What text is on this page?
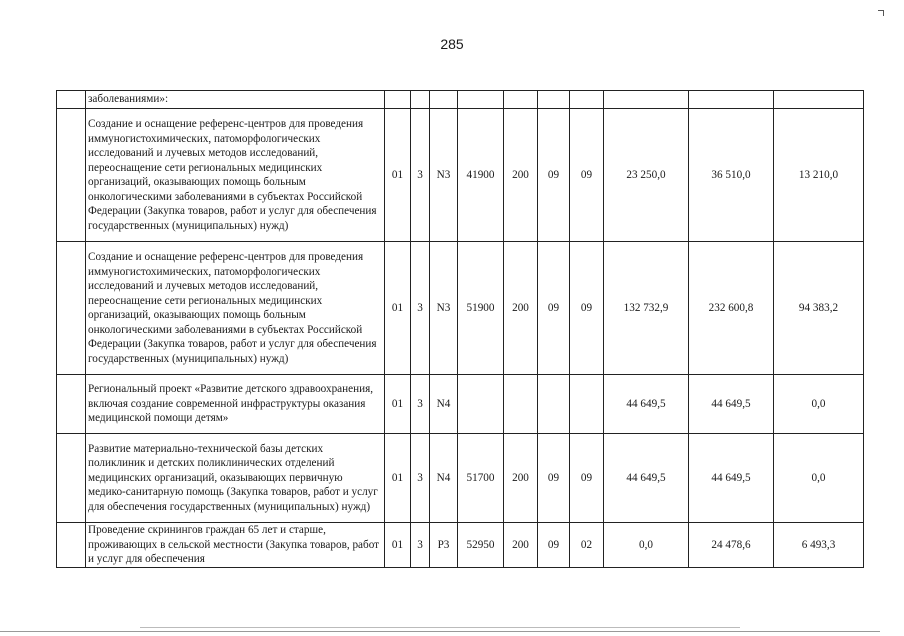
285
	заболеваниями»:										
	Создание и оснащение референс-центров для проведения иммуногистохимических, патоморфологических исследований и лучевых методов исследований, переоснащение сети региональных медицинских организаций, оказывающих помощь больным онкологическими заболеваниями в субъектах Российской Федерации (Закупка товаров, работ и услуг для обеспечения государственных (муниципальных) нужд)	01	3	N3	41900	200	09	09	23 250,0	36 510,0	13 210,0
	Создание и оснащение референс-центров для проведения иммуногистохимических, патоморфологических исследований и лучевых методов исследований, переоснащение сети региональных медицинских организаций, оказывающих помощь больным онкологическими заболеваниями в субъектах Российской Федерации (Закупка товаров, работ и услуг для обеспечения государственных (муниципальных) нужд)	01	3	N3	51900	200	09	09	132 732,9	232 600,8	94 383,2
	Региональный проект «Развитие детского здравоохранения, включая создание современной инфраструктуры оказания медицинской помощи детям»	01	3	N4					44 649,5	44 649,5	0,0
	Развитие материально-технической базы детских поликлиник и детских поликлинических отделений медицинских организаций, оказывающих первичную медико-санитарную помощь (Закупка товаров, работ и услуг для обеспечения государственных (муниципальных) нужд)	01	3	N4	51700	200	09	09	44 649,5	44 649,5	0,0
	Проведение скринингов граждан 65 лет и старше, проживающих в сельской местности (Закупка товаров, работ и услуг для обеспечения	01	3	P3	52950	200	09	02	0,0	24 478,6	6 493,3
